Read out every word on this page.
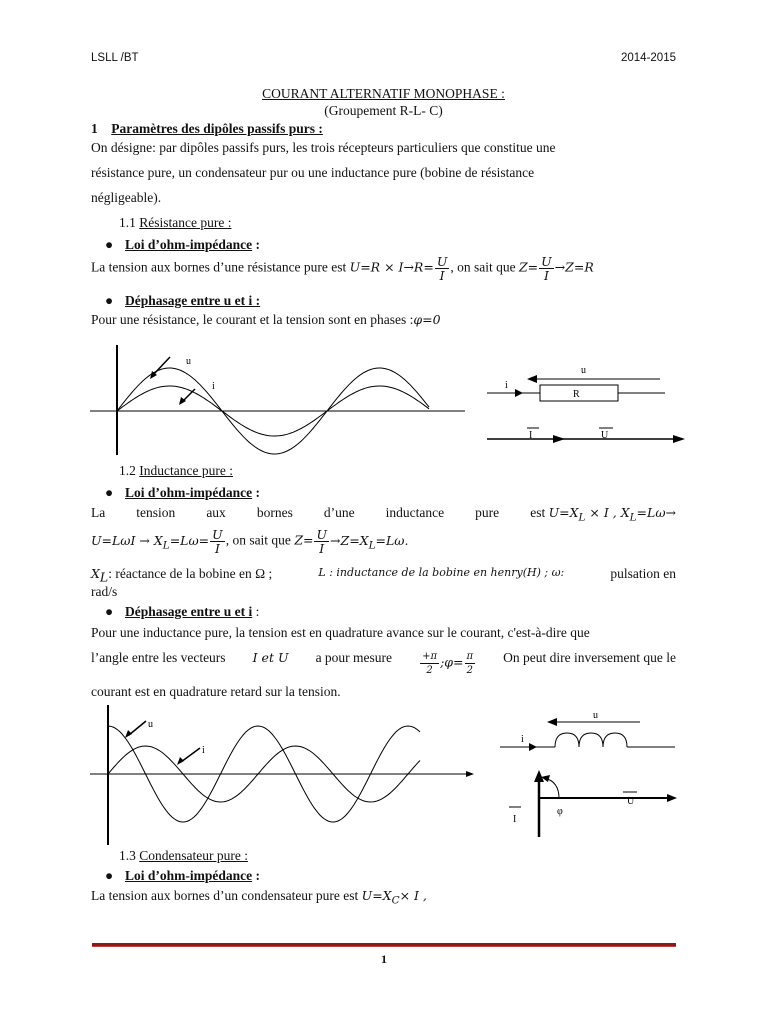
LSLL /BT	2014-2015
COURANT ALTERNATIF MONOPHASE :
(Groupement R-L- C)
1 Paramètres des dipôles passifs purs :
On désigne: par dipôles passifs purs, les trois récepteurs particuliers que constitue une
résistance pure, un condensateur pur ou une inductance pure (bobine de résistance
négligeable).
1.1 Résistance pure :
● Loi d’ohm-impédance :
La tension aux bornes d’une résistance pure est $U=R \times I\to R= \frac{U}{I}$ , on sait que $Z= \frac{U}{I} \to Z=R$
● Déphasage entre u et i :
Pour une résistance, le courant et la tension sont en phases :φ=0
u
i
u
i
R
I	U
1.2 Inductance pure :
● Loi d’ohm-impédance :
La tension aux bornes d’une inductance pure est $U=X_L \times I$ , $X_L=L\omega\to$
$U=L\omega I \to X_L=L\omega= \frac{U}{I}$ , on sait que $Z= \frac{U}{I} \to Z=X_L=L\omega$.
$X_L$: réactance de la bobine en Ω ;	L : inductance de la bobine en henry(H) ; ω:	pulsation en
rad/s
● Déphasage entre u et i :
Pour une inductance pure, la tension est en quadrature avance sur le courant, c'est-à-dire que
l’angle entre les vecteurs I et U a pour mesure	$\frac{+\pi}{2}$ ;φ= $\frac{\pi}{2}$ On peut dire inversement que le
courant est en quadrature retard sur la tension.
u
i
u
i
φ
I
U
1.3 Condensateur pure :
● Loi d’ohm-impédance :
La tension aux bornes d’un condensateur pure est $U=X_C\times I$ ,
1
